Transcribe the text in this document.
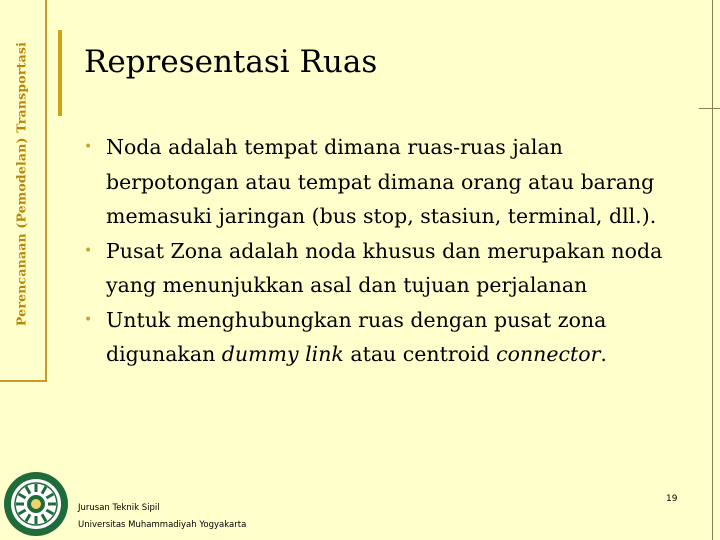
Perencanaan (Pemodelan) Transportasi Representasi Ruas
• Noda adalah tempat dimana ruas-ruas jalan berpotongan atau tempat dimana orang atau barang memasuki jaringan (bus stop, stasiun, terminal, dll.).
• Pusat Zona adalah noda khusus dan merupakan noda yang menunjukkan asal dan tujuan perjalanan
• Untuk menghubungkan ruas dengan pusat zona digunakan dummy link atau centroid connector.
Jurusan Teknik Sipil
Universitas Muhammadiyah Yogyakarta
19
